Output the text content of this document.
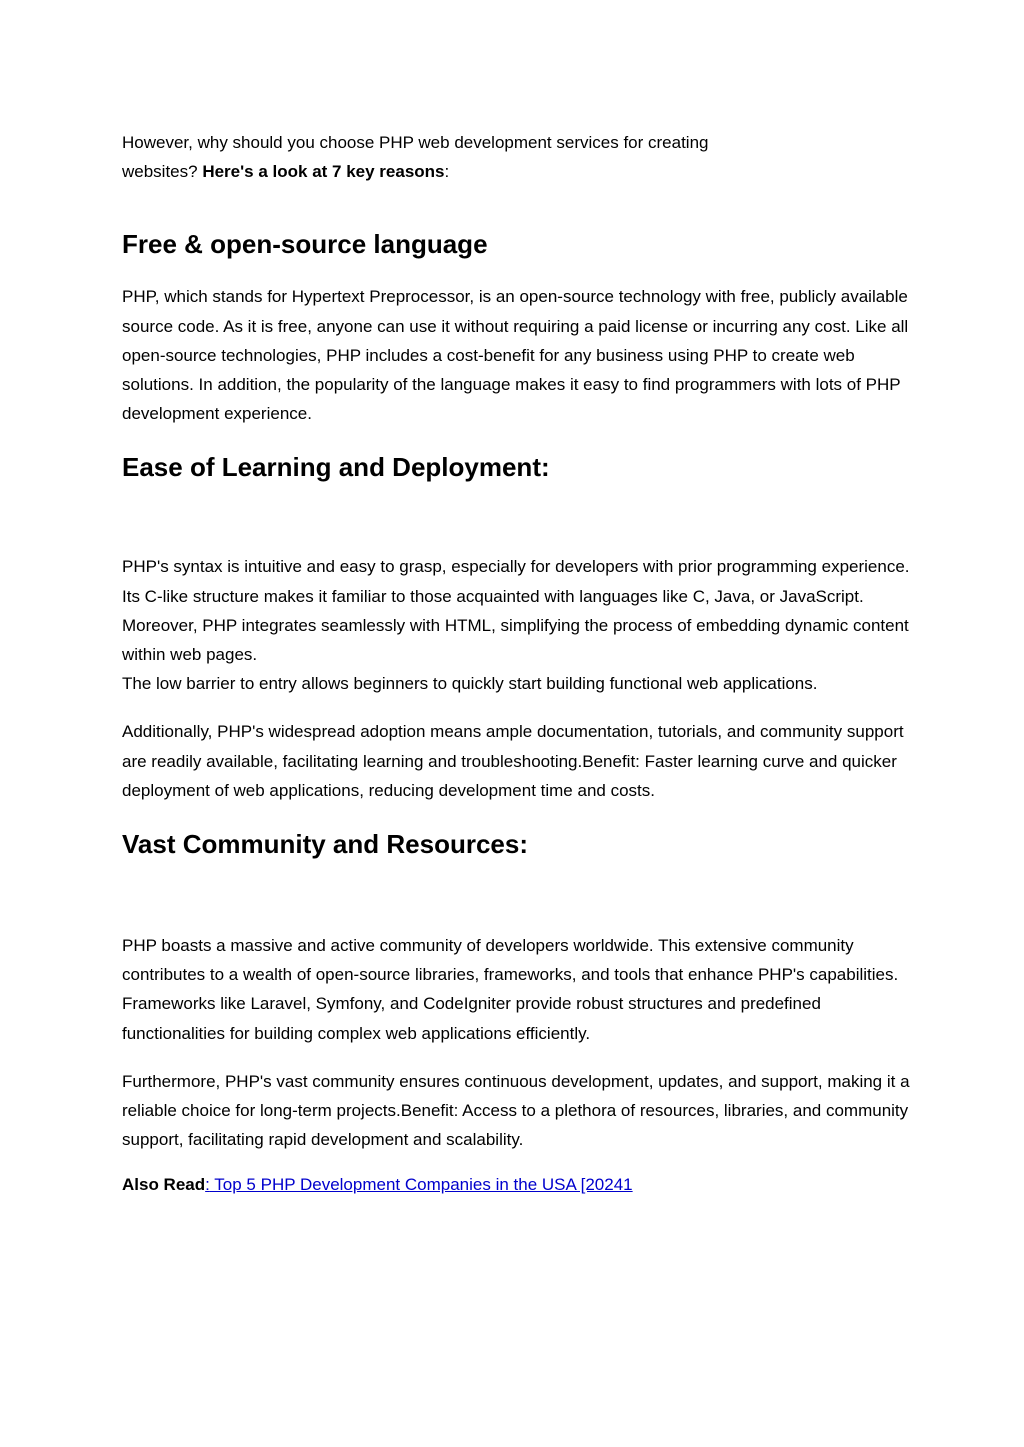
However, why should you choose PHP web development services for creating
websites? Here's a look at 7 key reasons:

Free & open-source language

PHP, which stands for Hypertext Preprocessor, is an open-source technology with free, publicly available source code. As it is free, anyone can use it without requiring a paid license or incurring any cost. Like all open-source technologies, PHP includes a cost-benefit for any business using PHP to create web solutions. In addition, the popularity of the language makes it easy to find programmers with lots of PHP development experience.

Ease of Learning and Deployment:

PHP's syntax is intuitive and easy to grasp, especially for developers with prior programming experience. Its C-like structure makes it familiar to those acquainted with languages like C, Java, or JavaScript. Moreover, PHP integrates seamlessly with HTML, simplifying the process of embedding dynamic content within web pages.
The low barrier to entry allows beginners to quickly start building functional web applications.

Additionally, PHP's widespread adoption means ample documentation, tutorials, and community support are readily available, facilitating learning and troubleshooting.Benefit: Faster learning curve and quicker deployment of web applications, reducing development time and costs.

Vast Community and Resources:

PHP boasts a massive and active community of developers worldwide. This extensive community contributes to a wealth of open-source libraries, frameworks, and tools that enhance PHP's capabilities. Frameworks like Laravel, Symfony, and CodeIgniter provide robust structures and predefined functionalities for building complex web applications efficiently.

Furthermore, PHP's vast community ensures continuous development, updates, and support, making it a reliable choice for long-term projects.Benefit: Access to a plethora of resources, libraries, and community support, facilitating rapid development and scalability.

Also Read: Top 5 PHP Development Companies in the USA [20241
